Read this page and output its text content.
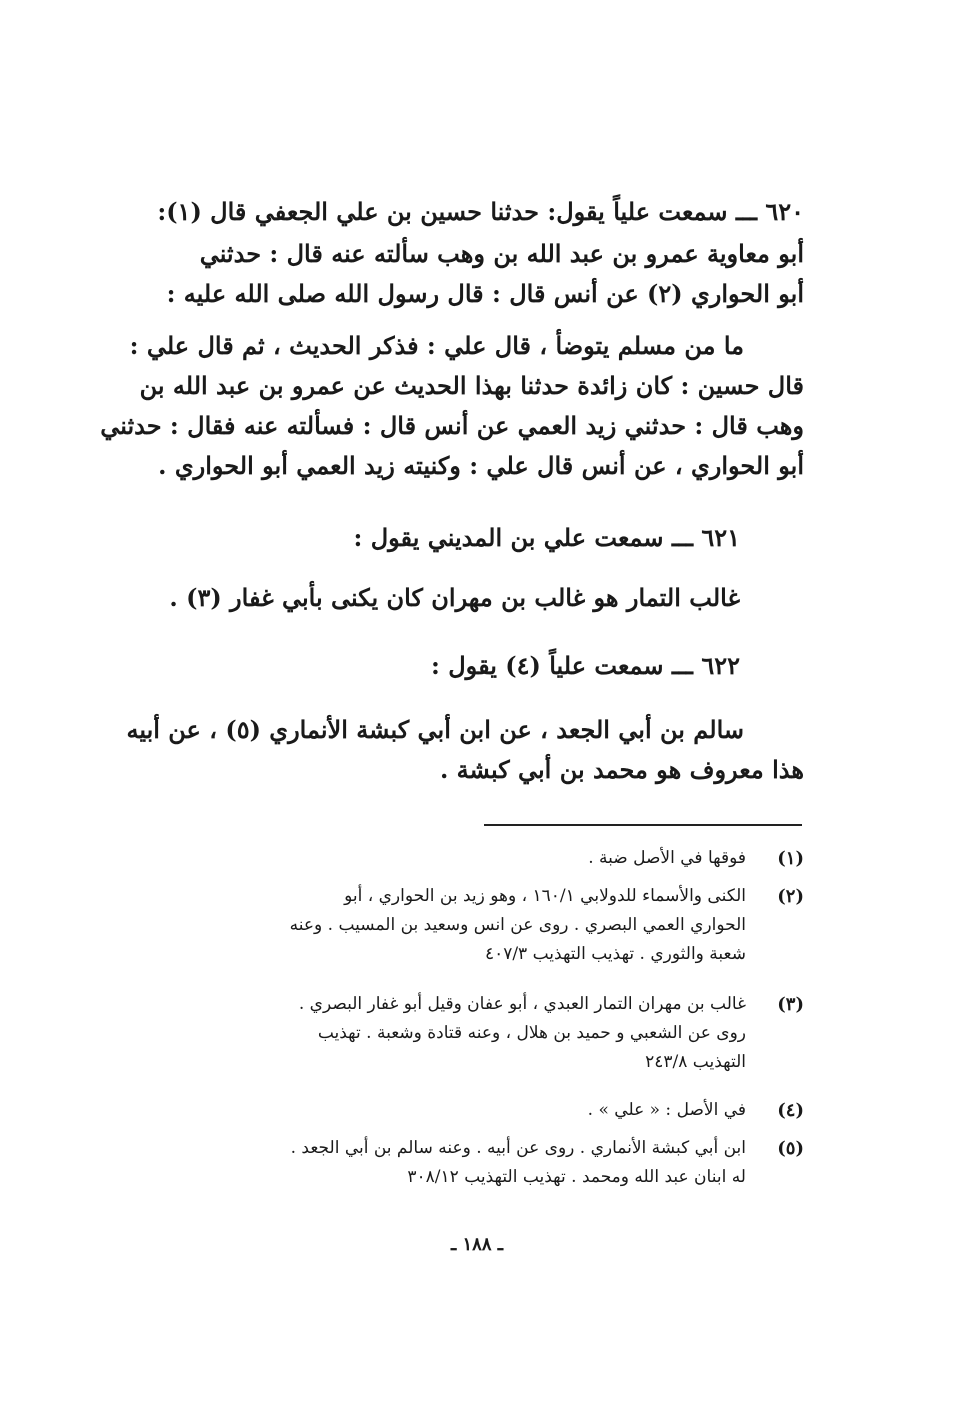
٦٢٠ ـــ سمعت علياً يقول: حدثنا حسين بن علي الجعفي قال (١):
أبو معاوية عمرو بن عبد الله بن وهب سألته عنه قال : حدثني
أبو الحواري (٢) عن أنس قال : قال رسول الله صلى الله عليه :
ما من مسلم يتوضأ ، قال علي : فذكر الحديث ، ثم قال علي :
قال حسين : كان زائدة حدثنا بهذا الحديث عن عمرو بن عبد الله بن
وهب قال : حدثني زيد العمي عن أنس قال : فسألته عنه فقال : حدثني
أبو الحواري ، عن أنس قال علي : وكنيته زيد العمي أبو الحواري .
٦٢١ ـــ سمعت علي بن المديني يقول :
غالب التمار هو غالب بن مهران كان يكنى بأبي غفار (٣) .
٦٢٢ ـــ سمعت علياً (٤) يقول :
سالم بن أبي الجعد ، عن ابن أبي كبشة الأنماري (٥) ، عن أبيه
هذا معروف هو محمد بن أبي كبشة .
(١)
فوقها في الأصل ضبة .
(٢)
الكنى والأسماء للدولابي ١٦٠/١ ، وهو زيد بن الحواري ، أبو
الحواري العمي البصري . روى عن انس وسعيد بن المسيب . وعنه
شعبة والثوري . تهذيب التهذيب ٤٠٧/٣
(٣)
غالب بن مهران التمار العبدي ، أبو عفان وقيل أبو غفار البصري .
روى عن الشعبي و حميد بن هلال ، وعنه قتادة وشعبة . تهذيب
التهذيب ٢٤٣/٨
(٤)
في الأصل : « علي » .
(٥)
ابن أبي كبشة الأنماري . روى عن أبيه . وعنه سالم بن أبي الجعد .
له ابنان عبد الله ومحمد . تهذيب التهذيب ٣٠٨/١٢
ـ ١٨٨ ـ
